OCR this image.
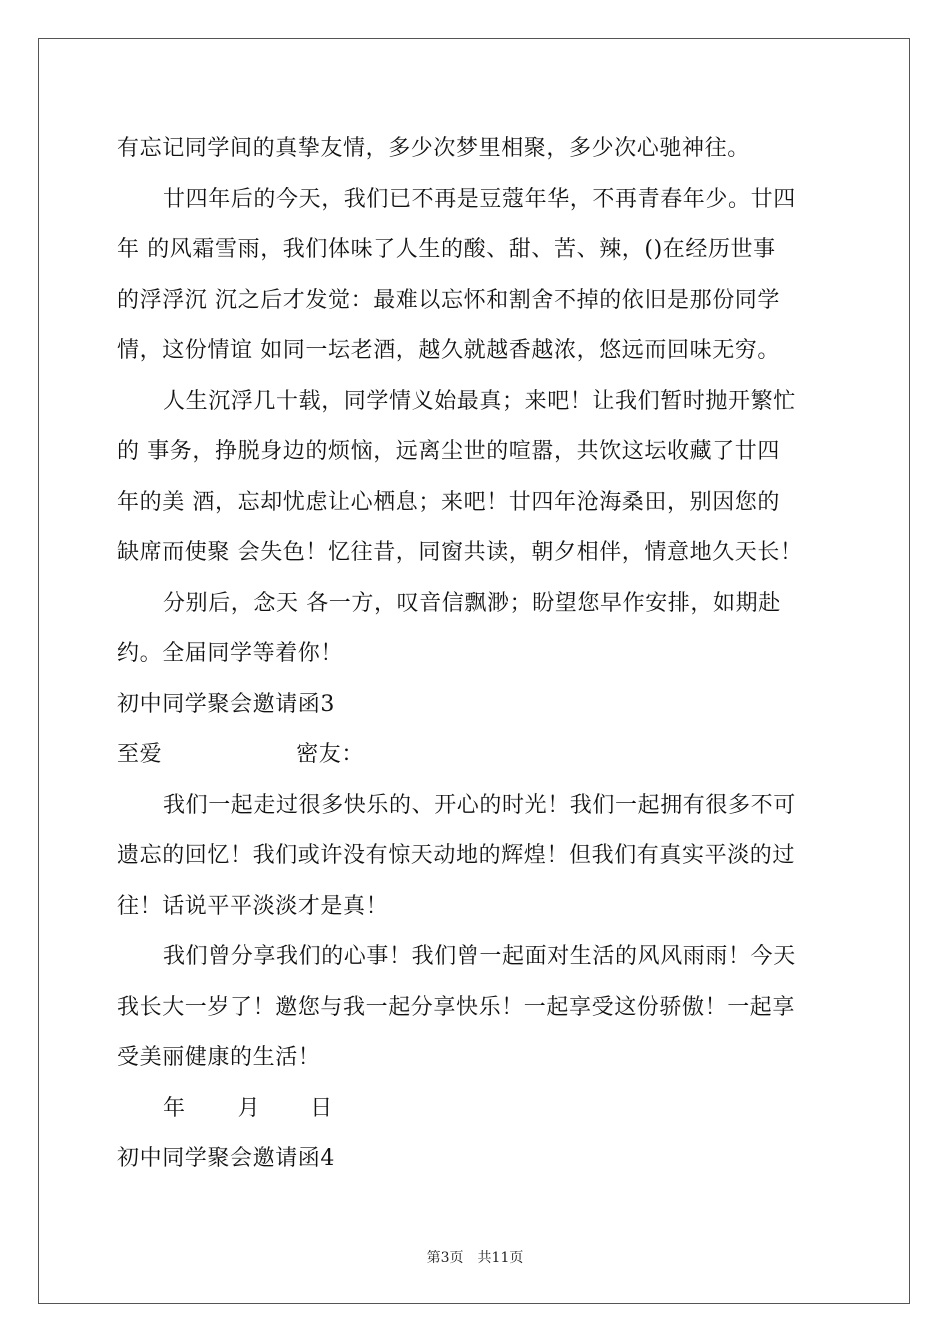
有忘记同学间的真挚友情，多少次梦里相聚，多少次心驰神往。
廿四年后的今天，我们已不再是豆蔻年华，不再青春年少。廿四
年 的风霜雪雨，我们体味了人生的酸、甜、苦、辣，()在经历世事
的浮浮沉 沉之后才发觉：最难以忘怀和割舍不掉的依旧是那份同学
情，这份情谊 如同一坛老酒，越久就越香越浓，悠远而回味无穷。
人生沉浮几十载，同学情义始最真；来吧！让我们暂时抛开繁忙
的 事务，挣脱身边的烦恼，远离尘世的喧嚣，共饮这坛收藏了廿四
年的美 酒，忘却忧虑让心栖息；来吧！廿四年沧海桑田，别因您的
缺席而使聚 会失色！忆往昔，同窗共读，朝夕相伴，情意地久天长！
分别后，念天 各一方，叹音信飘渺；盼望您早作安排，如期赴
约。全届同学等着你！
初中同学聚会邀请函3
至爱	密友：
我们一起走过很多快乐的、开心的时光！我们一起拥有很多不可
遗忘的回忆！我们或许没有惊天动地的辉煌！但我们有真实平淡的过
往！话说平平淡淡才是真！
我们曾分享我们的心事！我们曾一起面对生活的风风雨雨！今天
我长大一岁了！邀您与我一起分享快乐！一起享受这份骄傲！一起享
受美丽健康的生活！
年 月 日
初中同学聚会邀请函4
第3页 共11页
